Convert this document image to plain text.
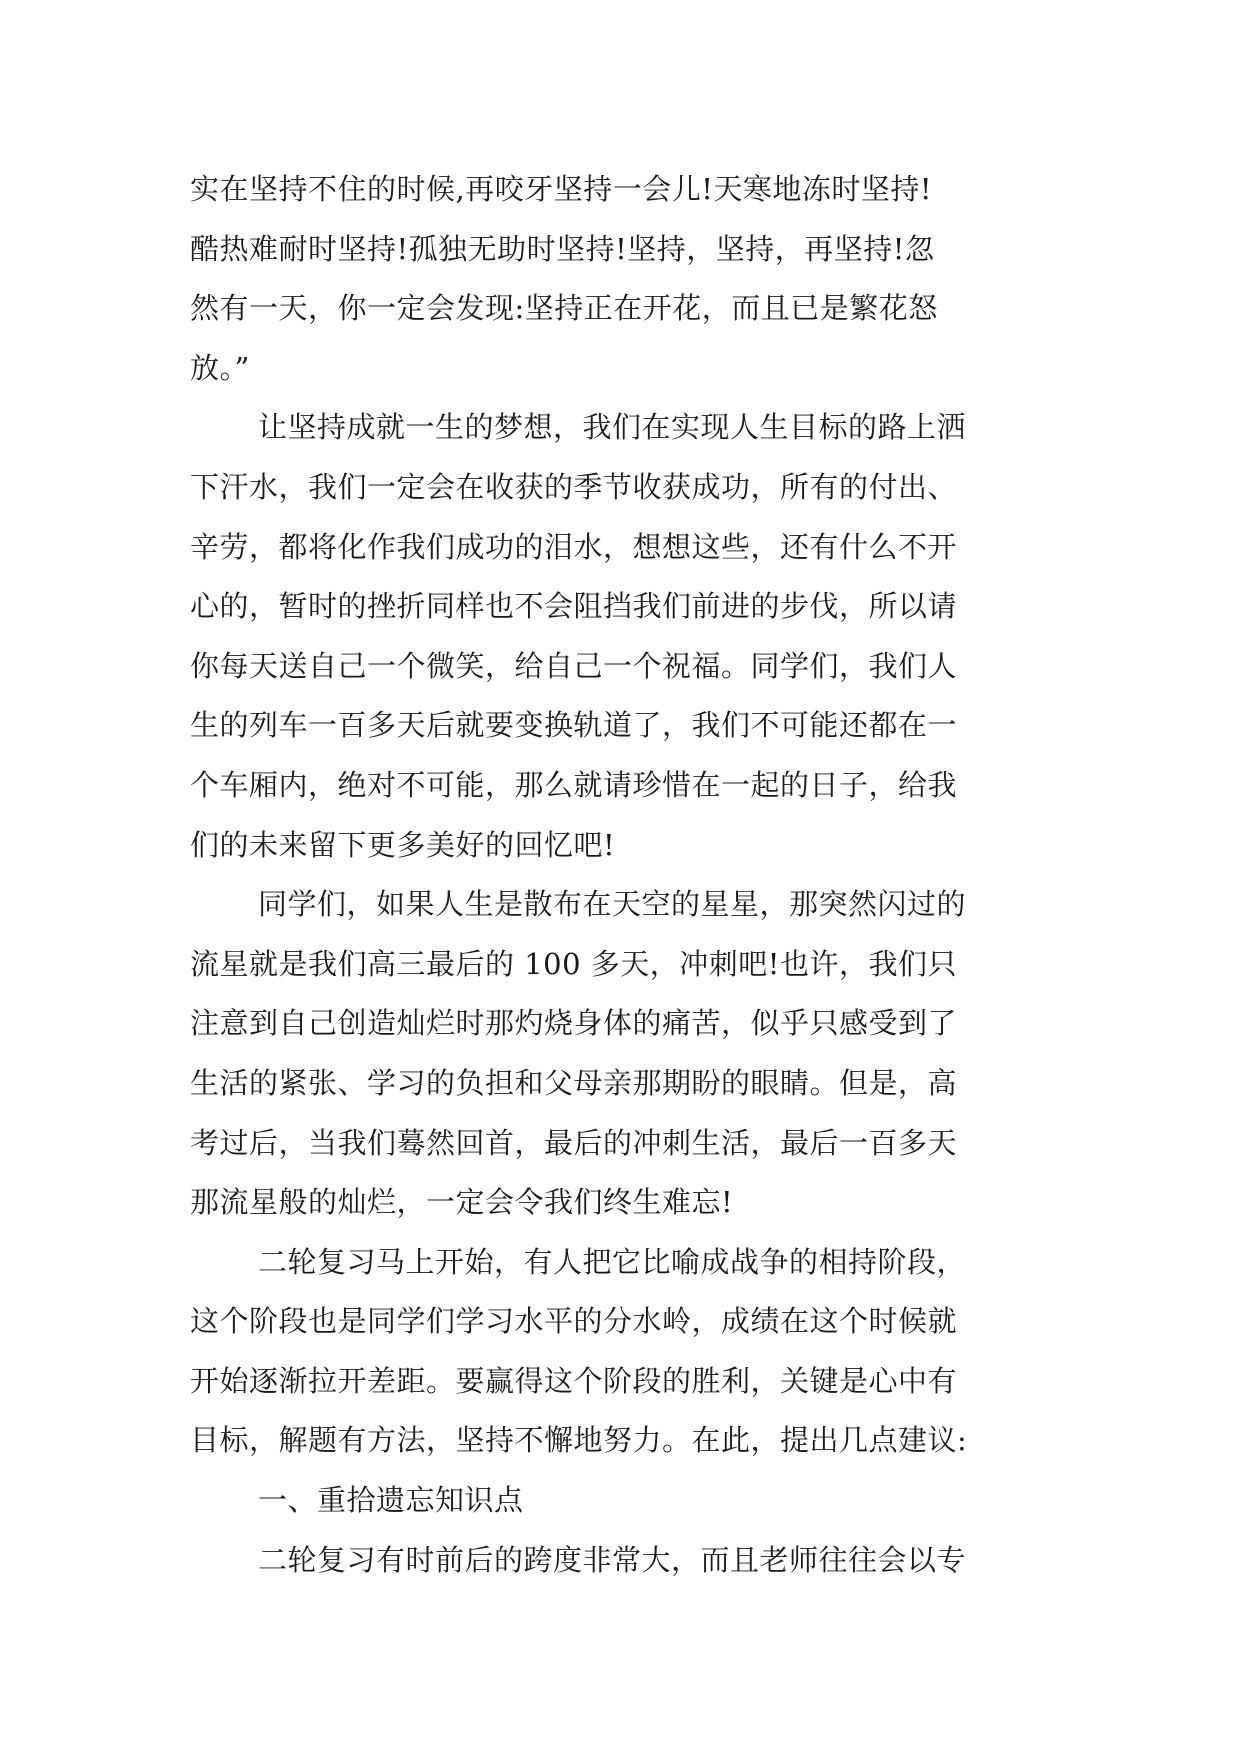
实在坚持不住的时候,再咬牙坚持一会儿!天寒地冻时坚持!
酷热难耐时坚持!孤独无助时坚持!坚持，坚持，再坚持!忽
然有一天，你一定会发现:坚持正在开花，而且已是繁花怒
放。”
让坚持成就一生的梦想，我们在实现人生目标的路上洒
下汗水，我们一定会在收获的季节收获成功，所有的付出、
辛劳，都将化作我们成功的泪水，想想这些，还有什么不开
心的，暂时的挫折同样也不会阻挡我们前进的步伐，所以请
你每天送自己一个微笑，给自己一个祝福。同学们，我们人
生的列车一百多天后就要变换轨道了，我们不可能还都在一
个车厢内，绝对不可能，那么就请珍惜在一起的日子，给我
们的未来留下更多美好的回忆吧!
同学们，如果人生是散布在天空的星星，那突然闪过的
流星就是我们高三最后的 100 多天，冲刺吧!也许，我们只
注意到自己创造灿烂时那灼烧身体的痛苦，似乎只感受到了
生活的紧张、学习的负担和父母亲那期盼的眼睛。但是，高
考过后，当我们蓦然回首，最后的冲刺生活，最后一百多天
那流星般的灿烂，一定会令我们终生难忘!
二轮复习马上开始，有人把它比喻成战争的相持阶段，
这个阶段也是同学们学习水平的分水岭，成绩在这个时候就
开始逐渐拉开差距。要赢得这个阶段的胜利，关键是心中有
目标，解题有方法，坚持不懈地努力。在此，提出几点建议:
一、重拾遗忘知识点
二轮复习有时前后的跨度非常大，而且老师往往会以专
